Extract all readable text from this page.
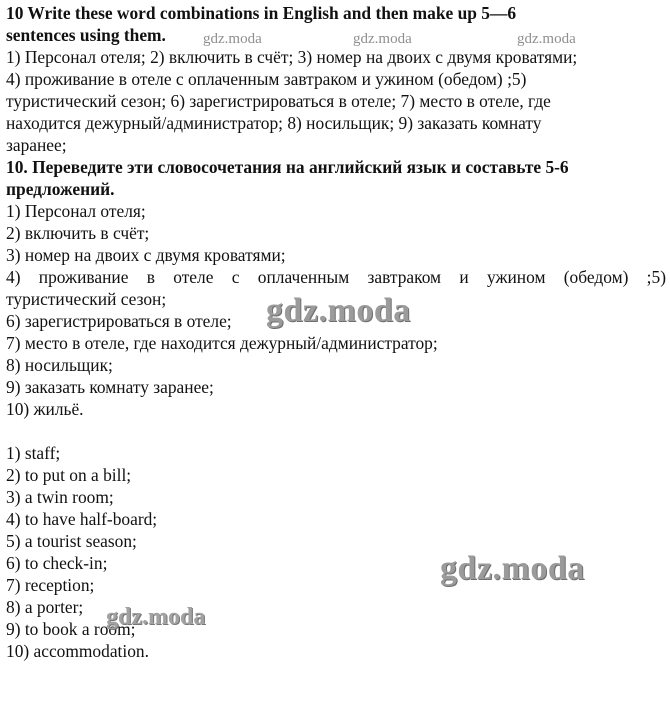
10 Write these word combinations in English and then make up 5—6
sentences using them.
1) Персонал отеля; 2) включить в счёт; 3) номер на двоих с двумя кроватями;
4) проживание в отеле с оплаченным завтраком и ужином (обедом) ;5)
туристический сезон; 6) зарегистрироваться в отеле; 7) место в отеле, где
находится дежурный/администратор; 8) носильщик; 9) заказать комнату
заранее;
10. Переведите эти словосочетания на английский язык и составьте 5-6
предложений.
1) Персонал отеля;
2) включить в счёт;
3) номер на двоих с двумя кроватями;
4) проживание в отеле с оплаченным завтраком и ужином (обедом) ;5)
туристический сезон;
6) зарегистрироваться в отеле;
7) место в отеле, где находится дежурный/администратор;
8) носильщик;
9) заказать комнату заранее;
10) жильё.
1) staff;
2) to put on a bill;
3) a twin room;
4) to have half-board;
5) a tourist season;
6) to check-in;
7) reception;
8) a porter;
9) to book a room;
10) accommodation.
gdz.moda	gdz.moda	gdz.moda
gdz.moda
gdz.moda
gdz.moda
